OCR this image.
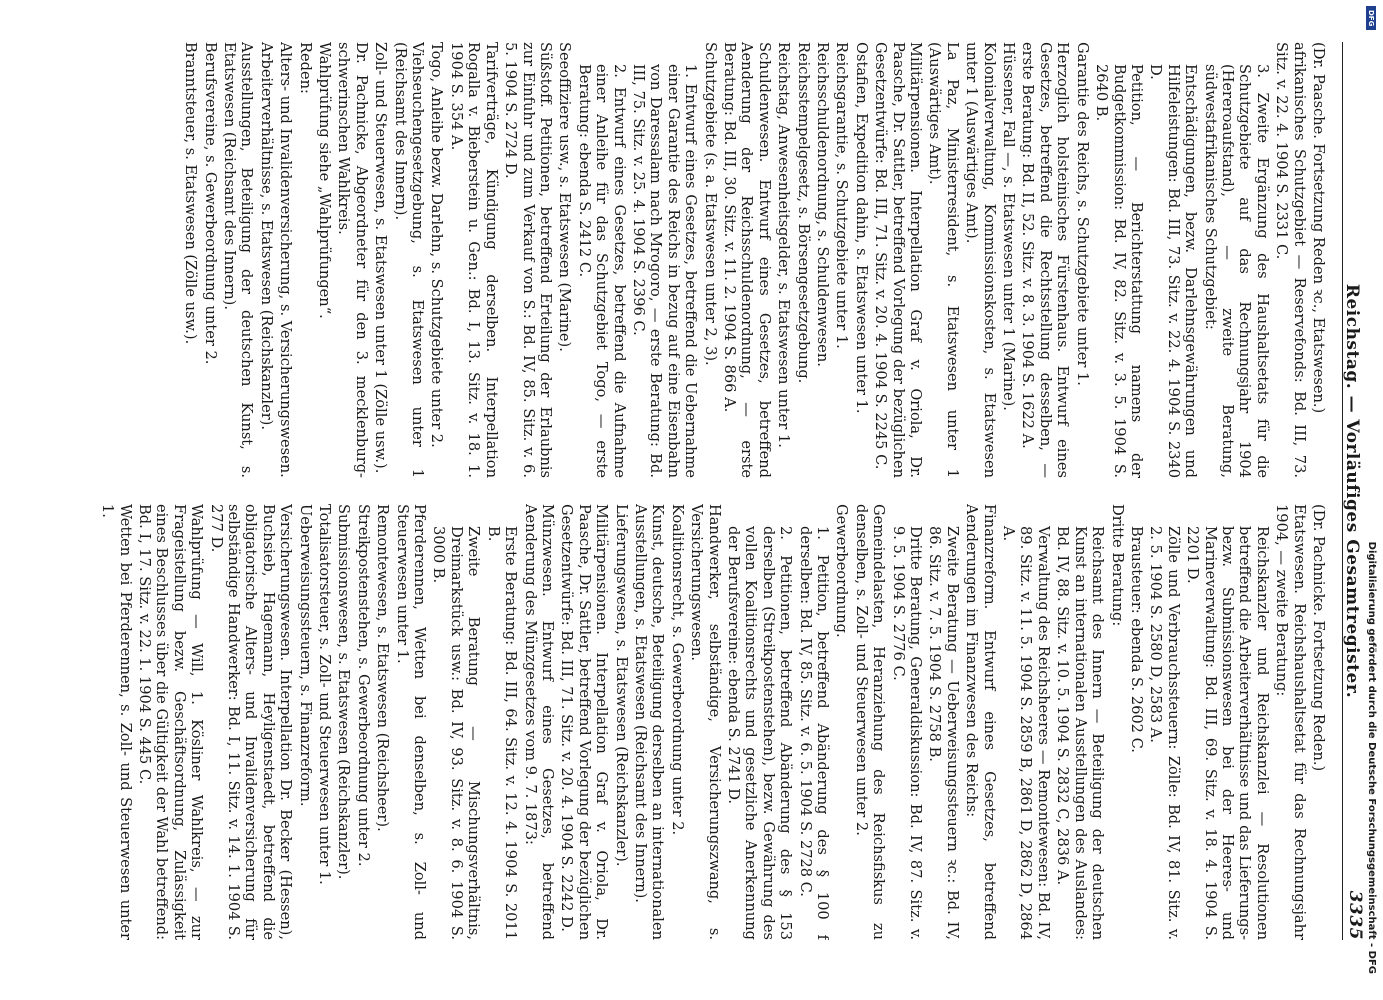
Reichstag. — Vorläufiges Gesamtregister.
3335

(Dr. Paasche. Fortsetzung Reden ꝛc., Etatswesen.)

afrikanisches Schutzgebiet — Reservefonds: Bd. III, 73. Sitz. v. 22. 4. 1904 S. 2331 C.

3. Zweite Ergänzung des Haushaltsetats für die Schutzgebiete auf das Rechnungsjahr 1904 (Hereroaufstand), — zweite Beratung, südwestafrikanisches Schutzgebiet:

Entschädigungen, bezw. Darlehnsgewährungen und Hilfeleistungen: Bd. III, 73. Sitz. v. 22. 4. 1904 S. 2340 D.

Petition, — Berichterstattung namens der Budgetkommission: Bd. IV, 82. Sitz. v. 3. 5. 1904 S. 2640 B.

Garantie des Reichs, s. Schutzgebiete unter 1.

Herzoglich holsteinisches Fürstenhaus. Entwurf eines Gesetzes, betreffend die Rechtsstellung desselben, — erste Beratung: Bd. II, 52. Sitz. v. 8. 3. 1904 S. 1622 A.

Hüssener, Fall —, s. Etatswesen unter 1 (Marine).

Kolonialverwaltung, Kommissionskosten, s. Etatswesen unter 1 (Auswärtiges Amt).

La Paz, Ministerresident, s. Etatswesen unter 1 (Auswärtiges Amt).

Militärpensionen. Interpellation Graf v. Oriola, Dr. Paasche, Dr. Sattler, betreffend Vorlegung der bezüglichen Gesetzentwürfe: Bd. III, 71. Sitz. v. 20. 4. 1904 S. 2245 C.

Ostafien, Expedition dahin, s. Etatswesen unter 1.

Reichsgarantie, s. Schutzgebiete unter 1.

Reichsschuldenordnung, s. Schuldenwesen.

Reichsstempelgesetz, s. Börsengesetzgebung.

Reichstag, Anwesenheitsgelder, s. Etatswesen unter 1.

Schuldenwesen. Entwurf eines Gesetzes, betreffend Aenderung der Reichsschuldenordnung, — erste Beratung: Bd. III, 30. Sitz. v. 11. 2. 1904 S. 866 A.

Schutzgebiete (s. a. Etatswesen unter 2, 3).

1. Entwurf eines Gesetzes, betreffend die Uebernahme einer Garantie des Reichs in bezug auf eine Eisenbahn von Daressalam nach Mrogoro, — erste Beratung: Bd. III, 75. Sitz. v. 25. 4. 1904 S. 2396 C.

2. Entwurf eines Gesetzes, betreffend die Aufnahme einer Anleihe für das Schutzgebiet Togo, — erste Beratung: ebenda S. 2412 C.

Seeoffiziere usw., s. Etatswesen (Marine).

Süßstoff. Petitionen, betreffend Erteilung der Erlaubnis zur Einfuhr und zum Verkauf von S.: Bd. IV, 85. Sitz. v. 6. 5. 1904 S. 2724 D.

Tarifverträge, Kündigung derselben. Interpellation Rogalla v. Bieberstein u. Gen.: Bd. I, 13. Sitz. v. 18. 1. 1904 S. 354 A.

Togo, Anleihe bezw. Darlehn, s. Schutzgebiete unter 2.

Viehseuchengesetzgebung, s. Etatswesen unter 1 (Reichsamt des Innern).

Zoll- und Steuerwesen, s. Etatswesen unter 1 (Zölle usw.).

Dr. Pachnicke, Abgeordneter für den 3. mecklenburg-schwerinschen Wahlkreis.

Wahlprüfung siehe „Wahlprüfungen“.

Reden:

Alters- und Invalidenversicherung, s. Versicherungswesen.

Arbeiterverhältnisse, s. Etatswesen (Reichskanzler).

Ausstellungen, Beteiligung der deutschen Kunst, s. Etatswesen (Reichsamt des Innern).

Berufsvereine, s. Gewerbeordnung unter 2.

Branntsteuer, s. Etatswesen (Zölle usw.).

(Dr. Pachnicke. Fortsetzung Reden.)

Etatswesen. Reichshaushaltsetat für das Rechnungsjahr 1904, — zweite Beratung:

Reichskanzler und Reichskanzlei — Resolutionen betreffend die Arbeiterverhältnisse und das Lieferungs- bezw. Submissionswesen bei der Heeres- und Marineverwaltung: Bd. III, 69. Sitz. v. 18. 4. 1904 S. 2201 D.

Zölle und Verbrauchssteuern: Zölle: Bd. IV, 81. Sitz. v. 2. 5. 1904 S. 2580 D, 2583 A.

Brausteuer: ebenda S. 2602 C.

Dritte Beratung:

Reichsamt des Innern — Beteiligung der deutschen Kunst an internationalen Ausstellungen des Auslandes: Bd. IV, 88. Sitz. v. 10. 5. 1904 S. 2832 C, 2836 A.

Verwaltung des Reichsheeres — Remontewesen: Bd. IV, 89. Sitz. v. 11. 5. 1904 S. 2859 B, 2861 D, 2862 D, 2864 A.

Finanzreform. Entwurf eines Gesetzes, betreffend Aenderungen im Finanzwesen des Reichs:

Zweite Beratung — Ueberweisungssteuern ꝛc.: Bd. IV, 86. Sitz. v. 7. 5. 1904 S. 2758 B.

Dritte Beratung, Generaldiskussion: Bd. IV, 87. Sitz. v. 9. 5. 1904 S. 2776 C.

Gemeindelasten, Heranziehung des Reichsfiskus zu denselben, s. Zoll- und Steuerwesen unter 2.

Gewerbeordnung.

1. Petition, betreffend Abänderung des § 100 f derselben: Bd. IV, 85. Sitz. v. 6. 5. 1904 S. 2728 C.

2. Petitionen, betreffend Abänderung des § 153 derselben (Streikpostenstehen), bezw. Gewährung des vollen Koalitionsrechts und gesetzliche Anerkennung der Berufsvereine: ebenda S. 2741 D.

Handwerker, selbständige, Versicherungszwang, s. Versicherungswesen.

Koalitionsrecht, s. Gewerbeordnung unter 2.

Kunst, deutsche, Beteiligung derselben an internationalen Ausstellungen, s. Etatswesen (Reichsamt des Innern).

Lieferungswesen, s. Etatswesen (Reichskanzler).

Militärpensionen. Interpellation Graf v. Oriola, Dr. Paasche, Dr. Sattler, betreffend Vorlegung der bezüglichen Gesetzentwürfe: Bd. III, 71. Sitz. v. 20. 4. 1904 S. 2242 D.

Münzwesen. Entwurf eines Gesetzes, betreffend Aenderung des Münzgesetzes vom 9. 7. 1873:

Erste Beratung: Bd. III, 64. Sitz. v. 12. 4. 1904 S. 2011 B.

Zweite Beratung — Mischungsverhältnis, Dreimarkstück usw.: Bd. IV, 93. Sitz. v. 8. 6. 1904 S. 3000 B.

Pferderennen, Wetten bei denselben, s. Zoll- und Steuerwesen unter 1.

Remontewesen, s. Etatswesen (Reichsheer).

Streikpostenstehen, s. Gewerbeordnung unter 2.

Submissionswesen, s. Etatswesen (Reichskanzler).

Totalisatorsteuer, s. Zoll- und Steuerwesen unter 1.

Ueberweisungssteuern, s. Finanzreform.

Versicherungswesen. Interpellation Dr. Becker (Hessen), Buchsieb, Hagemann, Heyligenstaedt, betreffend die obligatorische Alters- und Invalidenversicherung für selbständige Handwerker: Bd. I, 11. Sitz. v. 14. 1. 1904 S. 277 D.

Wahlprüfung — Will, 1. Kösliner Wahlkreis, — zur Frageistellung bezw. Geschäftsordnung, Zulässigkeit eines Beschlusses über die Gültigkeit der Wahl betreffend: Bd. I, 17. Sitz. v. 22. 1. 1904 S. 445 C.

Wetten bei Pferderennen, s. Zoll- und Steuerwesen unter 1.

Digitalisierung gefördert durch die Deutsche Forschungsgemeinschaft - DFG
DFG
